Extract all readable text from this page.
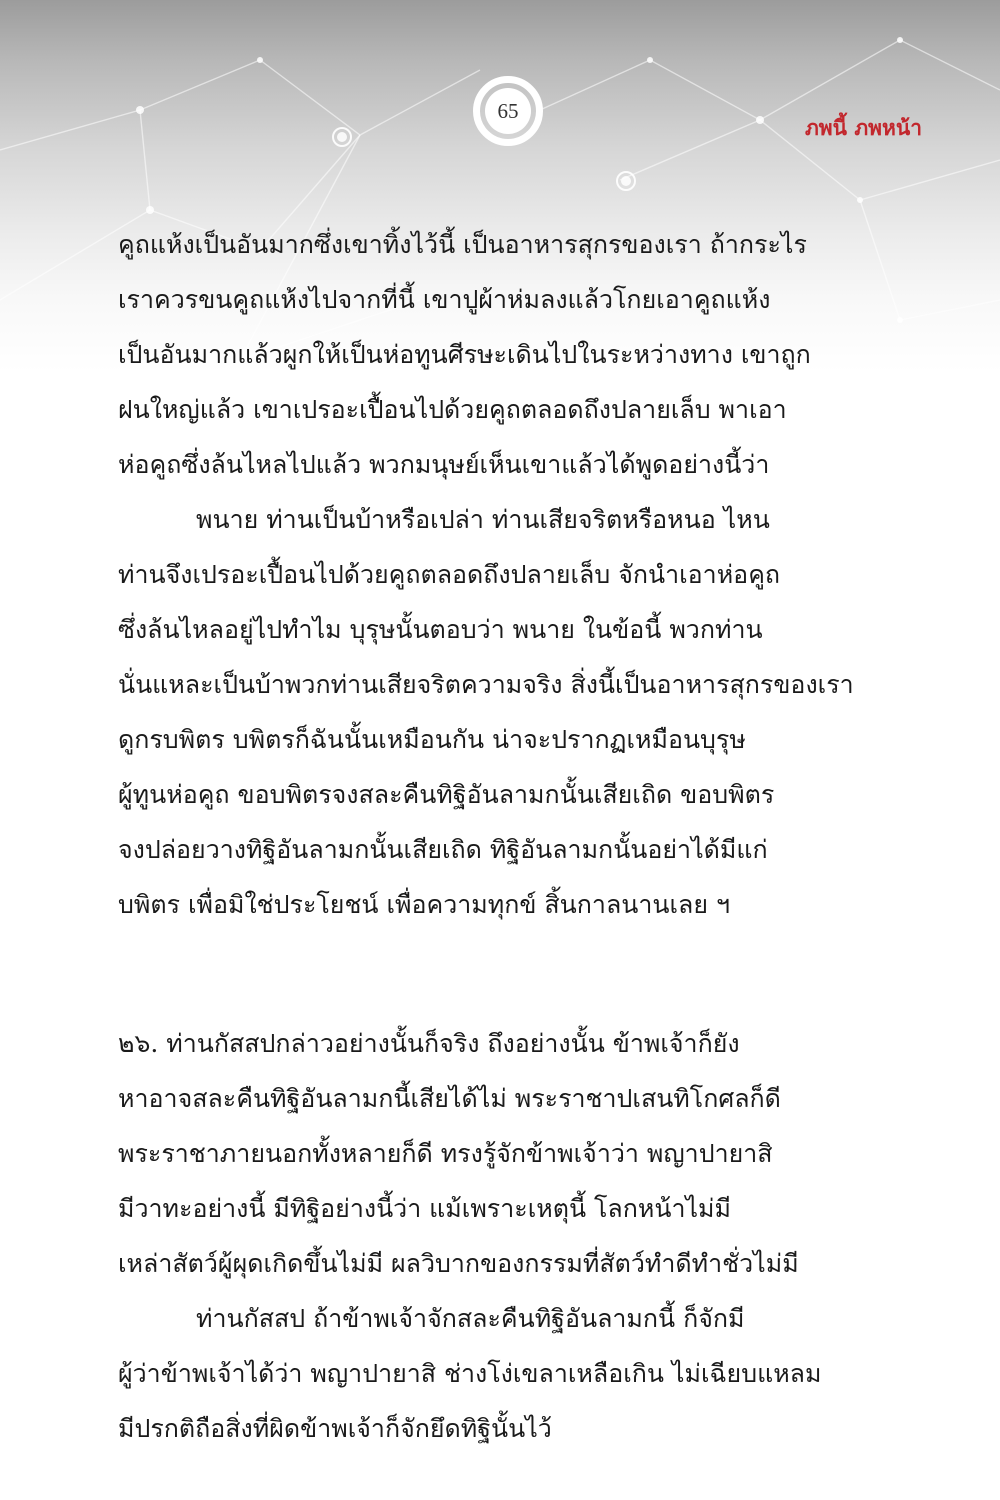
65
ภพนี้ ภพหน้า
คูถแห้งเป็นอันมากซึ่งเขาทิ้งไว้นี้ เป็นอาหารสุกรของเรา ถ้ากระไร
เราควรขนคูถแห้งไปจากที่นี้ เขาปูผ้าห่มลงแล้วโกยเอาคูถแห้ง
เป็นอันมากแล้วผูกให้เป็นห่อทูนศีรษะเดินไปในระหว่างทาง เขาถูก
ฝนใหญ่แล้ว เขาเปรอะเปื้อนไปด้วยคูถตลอดถึงปลายเล็บ พาเอา
ห่อคูถซึ่งล้นไหลไปแล้ว พวกมนุษย์เห็นเขาแล้วได้พูดอย่างนี้ว่า
พนาย ท่านเป็นบ้าหรือเปล่า ท่านเสียจริตหรือหนอ ไหน
ท่านจึงเปรอะเปื้อนไปด้วยคูถตลอดถึงปลายเล็บ จักนำเอาห่อคูถ
ซึ่งล้นไหลอยู่ไปทำไม บุรุษนั้นตอบว่า พนาย ในข้อนี้ พวกท่าน
นั่นแหละเป็นบ้าพวกท่านเสียจริตความจริง สิ่งนี้เป็นอาหารสุกรของเรา
ดูกรบพิตร บพิตรก็ฉันนั้นเหมือนกัน น่าจะปรากฏเหมือนบุรุษ
ผู้ทูนห่อคูถ ขอบพิตรจงสละคืนทิฐิอันลามกนั้นเสียเถิด ขอบพิตร
จงปล่อยวางทิฐิอันลามกนั้นเสียเถิด ทิฐิอันลามกนั้นอย่าได้มีแก่
บพิตร เพื่อมิใช่ประโยชน์ เพื่อความทุกข์ สิ้นกาลนานเลย ฯ
๒๖. ท่านกัสสปกล่าวอย่างนั้นก็จริง ถึงอย่างนั้น ข้าพเจ้าก็ยัง
หาอาจสละคืนทิฐิอันลามกนี้เสียได้ไม่ พระราชาปเสนทิโกศลก็ดี
พระราชาภายนอกทั้งหลายก็ดี ทรงรู้จักข้าพเจ้าว่า พญาปายาสิ
มีวาทะอย่างนี้ มีทิฐิอย่างนี้ว่า แม้เพราะเหตุนี้ โลกหน้าไม่มี
เหล่าสัตว์ผู้ผุดเกิดขึ้นไม่มี ผลวิบากของกรรมที่สัตว์ทำดีทำชั่วไม่มี
ท่านกัสสป ถ้าข้าพเจ้าจักสละคืนทิฐิอันลามกนี้ ก็จักมี
ผู้ว่าข้าพเจ้าได้ว่า พญาปายาสิ ช่างโง่เขลาเหลือเกิน ไม่เฉียบแหลม
มีปรกติถือสิ่งที่ผิดข้าพเจ้าก็จักยึดทิฐินั้นไว้
